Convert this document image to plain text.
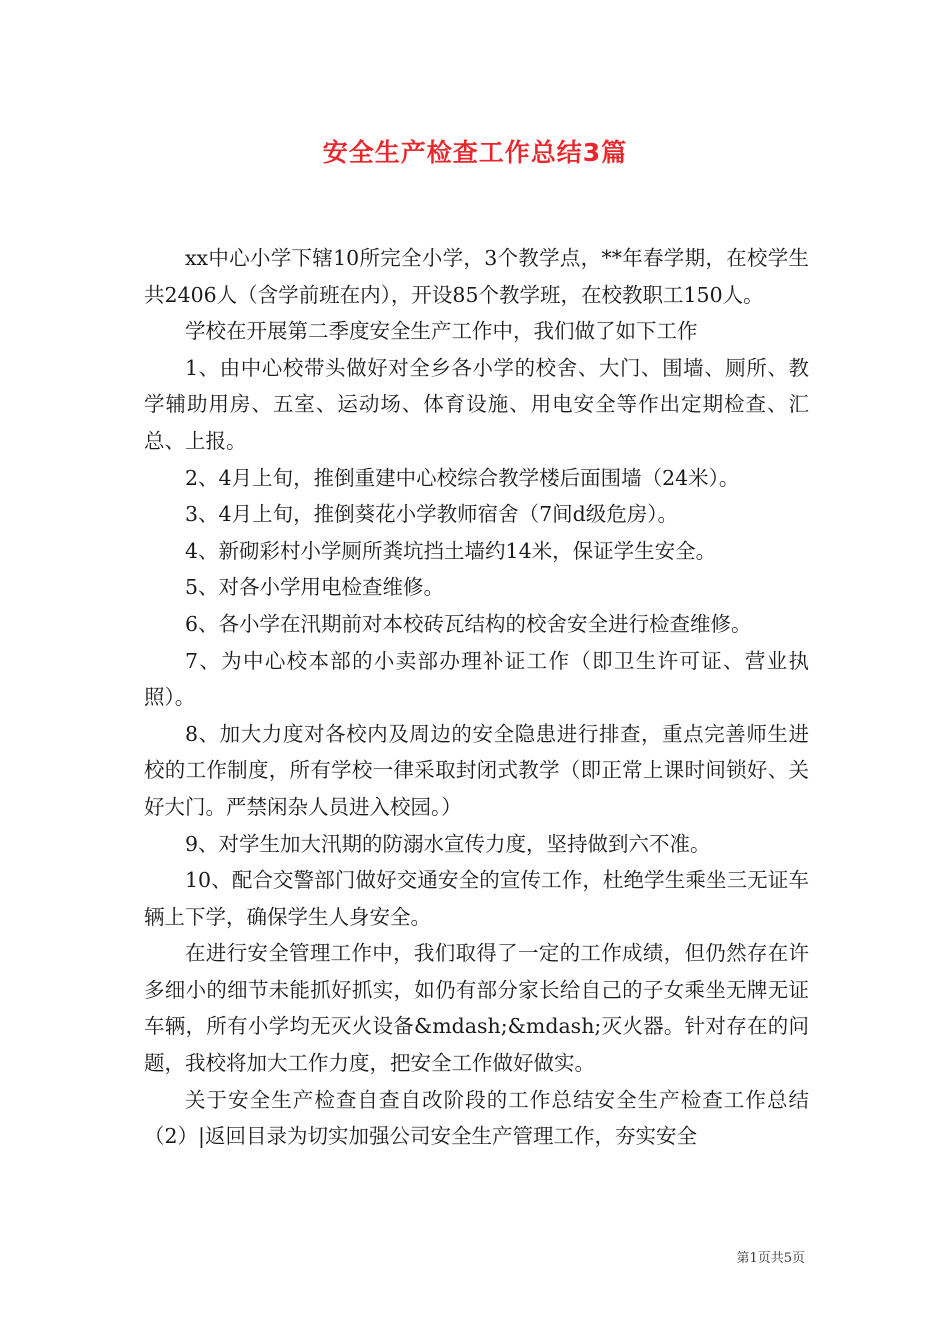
安全生产检查工作总结3篇

xx中心小学下辖10所完全小学，3个教学点，**年春学期，在校学生共2406人（含学前班在内），开设85个教学班，在校教职工150人。

学校在开展第二季度安全生产工作中，我们做了如下工作

1、由中心校带头做好对全乡各小学的校舍、大门、围墙、厕所、教学辅助用房、五室、运动场、体育设施、用电安全等作出定期检查、汇总、上报。

2、4月上旬，推倒重建中心校综合教学楼后面围墙（24米）。

3、4月上旬，推倒葵花小学教师宿舍（7间d级危房）。

4、新砌彩村小学厕所粪坑挡土墙约14米，保证学生安全。

5、对各小学用电检查维修。

6、各小学在汛期前对本校砖瓦结构的校舍安全进行检查维修。

7、为中心校本部的小卖部办理补证工作（即卫生许可证、营业执照）。

8、加大力度对各校内及周边的安全隐患进行排查，重点完善师生进校的工作制度，所有学校一律采取封闭式教学（即正常上课时间锁好、关好大门。严禁闲杂人员进入校园。）

9、对学生加大汛期的防溺水宣传力度，坚持做到六不准。

10、配合交警部门做好交通安全的宣传工作，杜绝学生乘坐三无证车辆上下学，确保学生人身安全。

在进行安全管理工作中，我们取得了一定的工作成绩，但仍然存在许多细小的细节未能抓好抓实，如仍有部分家长给自己的子女乘坐无牌无证车辆，所有小学均无灭火设备&mdash;&mdash;灭火器。针对存在的问题，我校将加大工作力度，把安全工作做好做实。

关于安全生产检查自查自改阶段的工作总结安全生产检查工作总结（2）|返回目录为切实加强公司安全生产管理工作，夯实安全

第1页共5页
